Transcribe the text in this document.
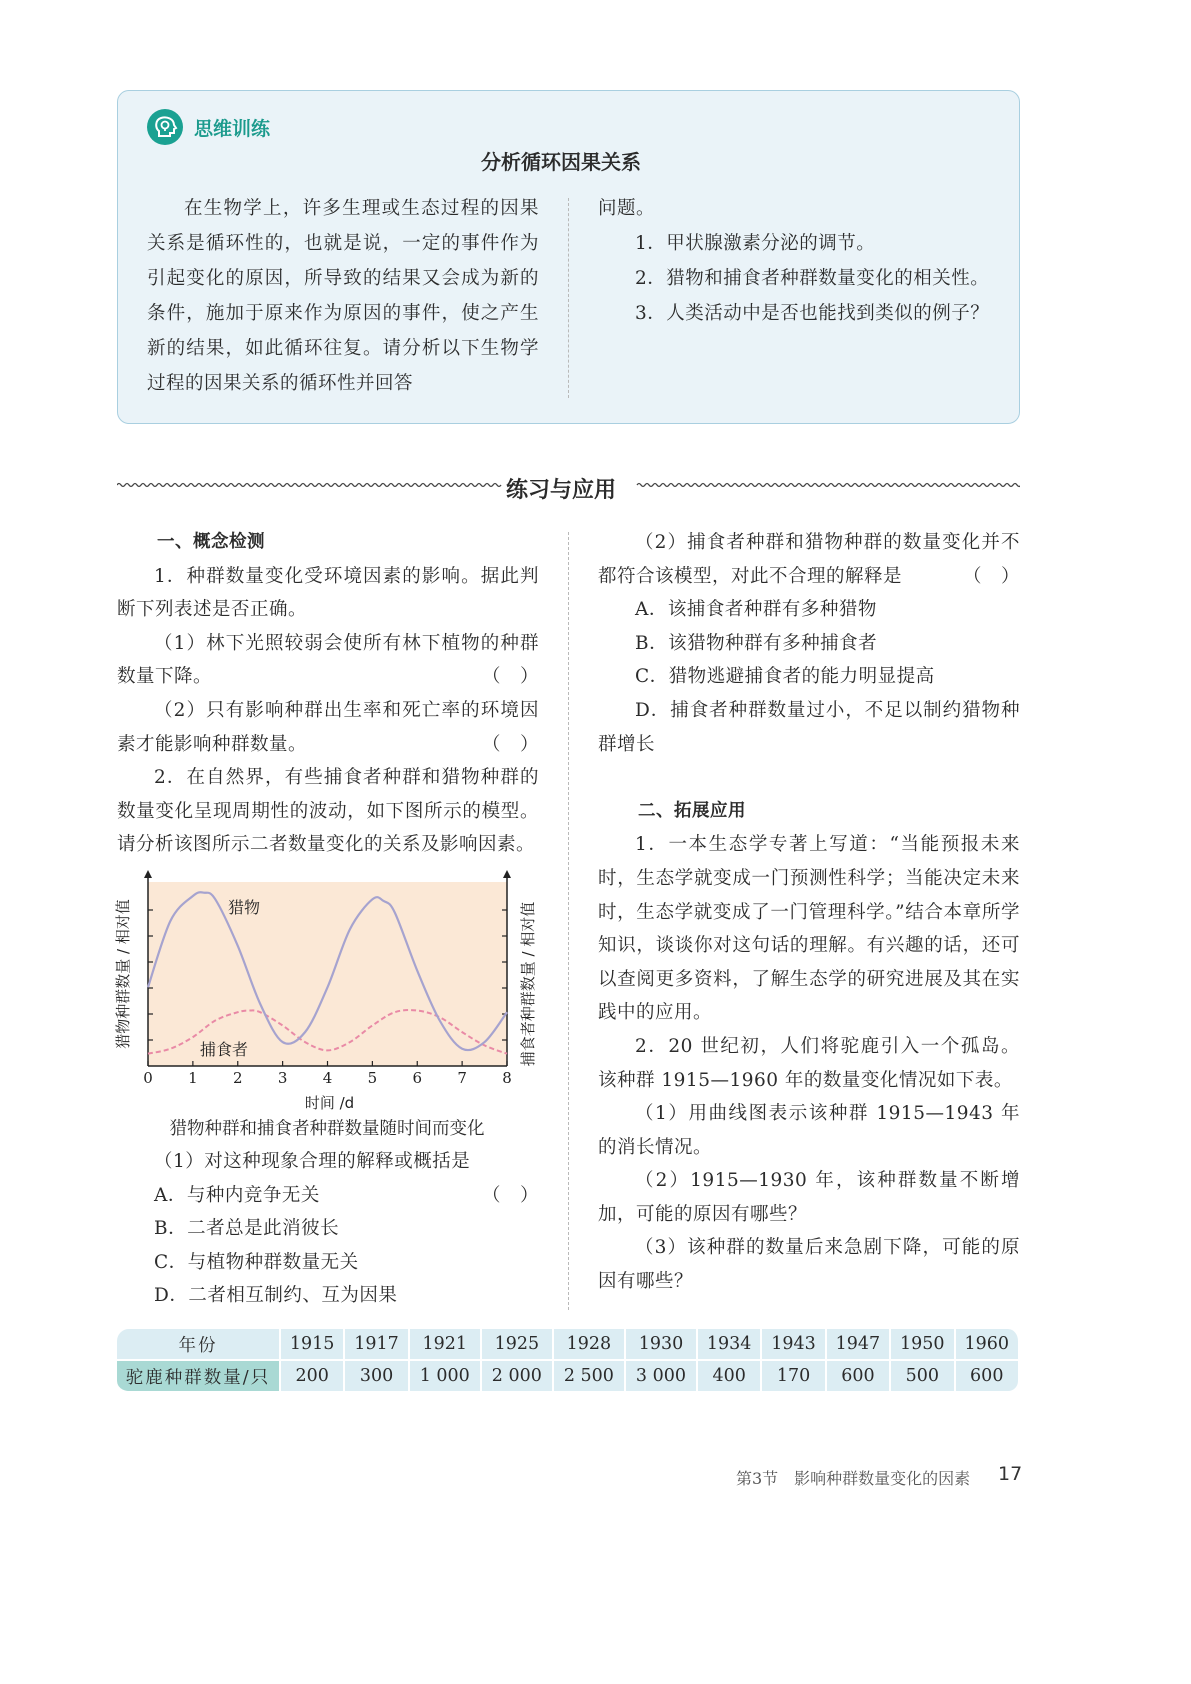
思维训练
分析循环因果关系

在生物学上，许多生理或生态过程的因果关系是循环性的，也就是说，一定的事件作为引起变化的原因，所导致的结果又会成为新的条件，施加于原来作为原因的事件，使之产生新的结果，如此循环往复。请分析以下生物学过程的因果关系的循环性并回答

问题。

1．甲状腺激素分泌的调节。

2．猎物和捕食者种群数量变化的相关性。

3．人类活动中是否也能找到类似的例子？

练习与应用

一、概念检测

1．种群数量变化受环境因素的影响。据此判断下列表述是否正确。

（1）林下光照较弱会使所有林下植物的种群数量下降。	（　）

（2）只有影响种群出生率和死亡率的环境因素才能影响种群数量。	（　）

2．在自然界，有些捕食者种群和猎物种群的数量变化呈现周期性的波动，如下图所示的模型。请分析该图所示二者数量变化的关系及影响因素。

0 1 2 3 4 5 6 7 8
猎物
捕食者
时间 /d
猎物种群数量 / 相对值	捕食者种群数量 / 相对值
猎物种群和捕食者种群数量随时间而变化

（1）对这种现象合理的解释或概括是
（　）

A．与种内竞争无关

B．二者总是此消彼长

C．与植物种群数量无关

D．二者相互制约、互为因果

（2）捕食者种群和猎物种群的数量变化并不都符合该模型，对此不合理的解释是	（　）

A．该捕食者种群有多种猎物

B．该猎物种群有多种捕食者

C．猎物逃避捕食者的能力明显提高

D．捕食者种群数量过小，不足以制约猎物种群增长

二、拓展应用

1．一本生态学专著上写道：“当能预报未来时，生态学就变成一门预测性科学；当能决定未来时，生态学就变成了一门管理科学。”结合本章所学知识，谈谈你对这句话的理解。有兴趣的话，还可以查阅更多资料，了解生态学的研究进展及其在实践中的应用。

2．20 世纪初，人们将驼鹿引入一个孤岛。该种群 1915—1960 年的数量变化情况如下表。

（1）用曲线图表示该种群 1915—1943 年的消长情况。

（2）1915—1930 年，该种群数量不断增加，可能的原因有哪些？

（3）该种群的数量后来急剧下降，可能的原因有哪些？

年份	1915	1917	1921	1925	1928	1930	1934	1943	1947	1950	1960
驼鹿种群数量/只	200	300	1 000	2 000	2 500	3 000	400	170	600	500	600
第3节　影响种群数量变化的因素 17
